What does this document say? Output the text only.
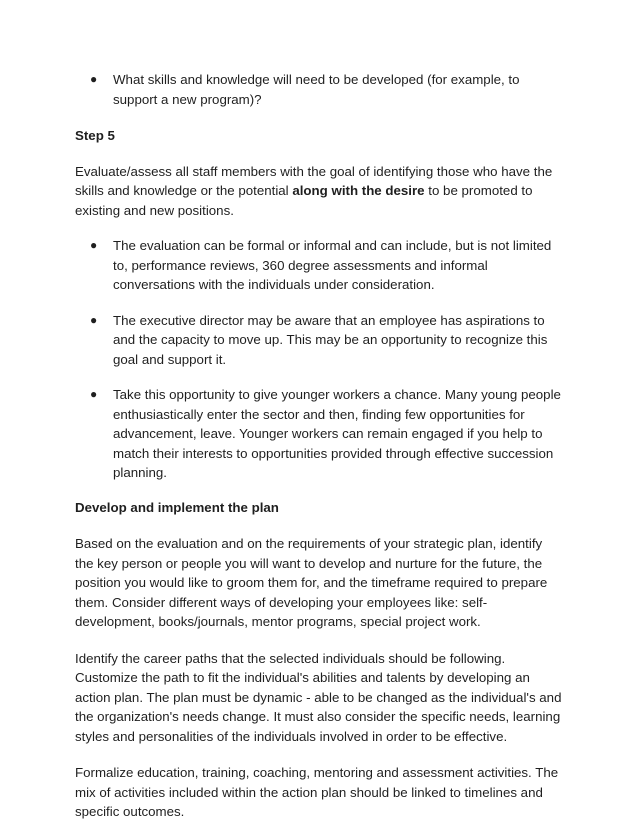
● What skills and knowledge will need to be developed (for example, to support a new program)?

Step 5

Evaluate/assess all staff members with the goal of identifying those who have the skills and knowledge or the potential along with the desire to be promoted to existing and new positions.

● The evaluation can be formal or informal and can include, but is not limited to, performance reviews, 360 degree assessments and informal conversations with the individuals under consideration.
● The executive director may be aware that an employee has aspirations to and the capacity to move up. This may be an opportunity to recognize this goal and support it.
● Take this opportunity to give younger workers a chance. Many young people enthusiastically enter the sector and then, finding few opportunities for advancement, leave. Younger workers can remain engaged if you help to match their interests to opportunities provided through effective succession planning.

Develop and implement the plan

Based on the evaluation and on the requirements of your strategic plan, identify the key person or people you will want to develop and nurture for the future, the position you would like to groom them for, and the timeframe required to prepare them. Consider different ways of developing your employees like: self-development, books/journals, mentor programs, special project work.

Identify the career paths that the selected individuals should be following. Customize the path to fit the individual's abilities and talents by developing an action plan. The plan must be dynamic - able to be changed as the individual's and the organization's needs change. It must also consider the specific needs, learning styles and personalities of the individuals involved in order to be effective.

Formalize education, training, coaching, mentoring and assessment activities. The mix of activities included within the action plan should be linked to timelines and specific outcomes.
